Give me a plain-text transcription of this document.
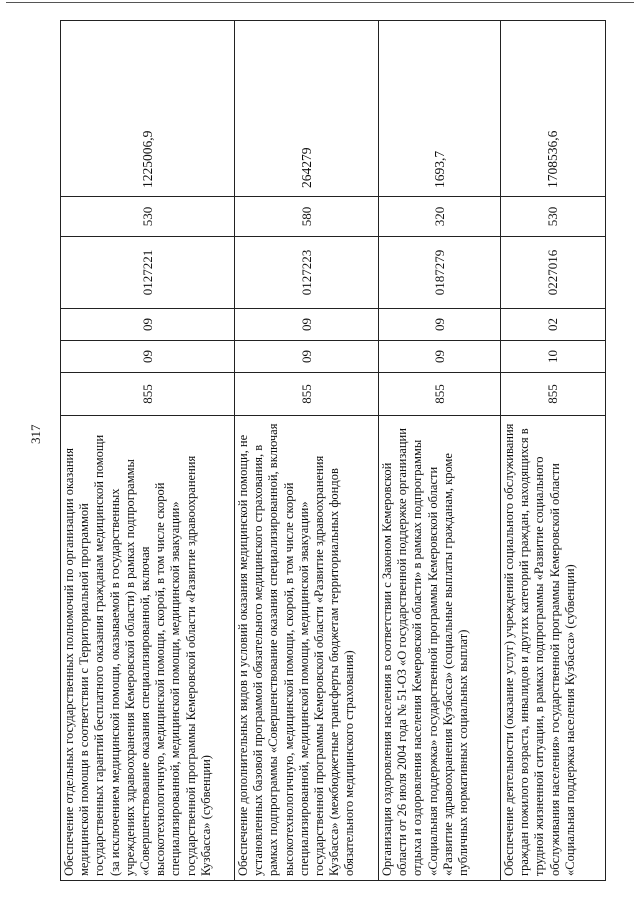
317
Обеспечение отдельных государственных полномочий по организации оказания медицинской помощи в соответствии с Территориальной программой государственных гарантий бесплатного оказания гражданам медицинской помощи (за исключением медицинской помощи, оказываемой в государственных учреждениях здравоохранения Кемеровской области) в рамках подпрограммы «Совершенствование оказания специализированной, включая высокотехнологичную, медицинской помощи, скорой, в том числе скорой специализированной, медицинской помощи, медицинской эвакуации» государственной программы Кемеровской области «Развитие здравоохранения Кузбасса» (субвенции)	855	09	09	0127221	530	1225006,9
Обеспечение дополнительных видов и условий оказания медицинской помощи, не установленных базовой программой обязательного медицинского страхования, в рамках подпрограммы «Совершенствование оказания специализированной, включая высокотехнологичную, медицинской помощи, скорой, в том числе скорой специализированной, медицинской помощи, медицинской эвакуации» государственной программы Кемеровской области «Развитие здравоохранения Кузбасса» (межбюджетные трансферты бюджетам территориальных фондов обязательного медицинского страхования)	855	09	09	0127223	580	264279
Организация оздоровления населения в соответствии с Законом Кемеровской области от 26 июля 2004 года № 51-ОЗ «О государственной поддержке организации отдыха и оздоровления населения Кемеровской области» в рамках подпрограммы «Социальная поддержка» государственной программы Кемеровской области «Развитие здравоохранения Кузбасса» (социальные выплаты гражданам, кроме публичных нормативных социальных выплат)	855	09	09	0187279	320	1693,7
Обеспечение деятельности (оказание услуг) учреждений социального обслуживания граждан пожилого возраста, инвалидов и других категорий граждан, находящихся в трудной жизненной ситуации, в рамках подпрограммы «Развитие социального обслуживания населения» государственной программы Кемеровской области «Социальная поддержка населения Кузбасса» (субвенции)	855	10	02	0227016	530	1708536,6
